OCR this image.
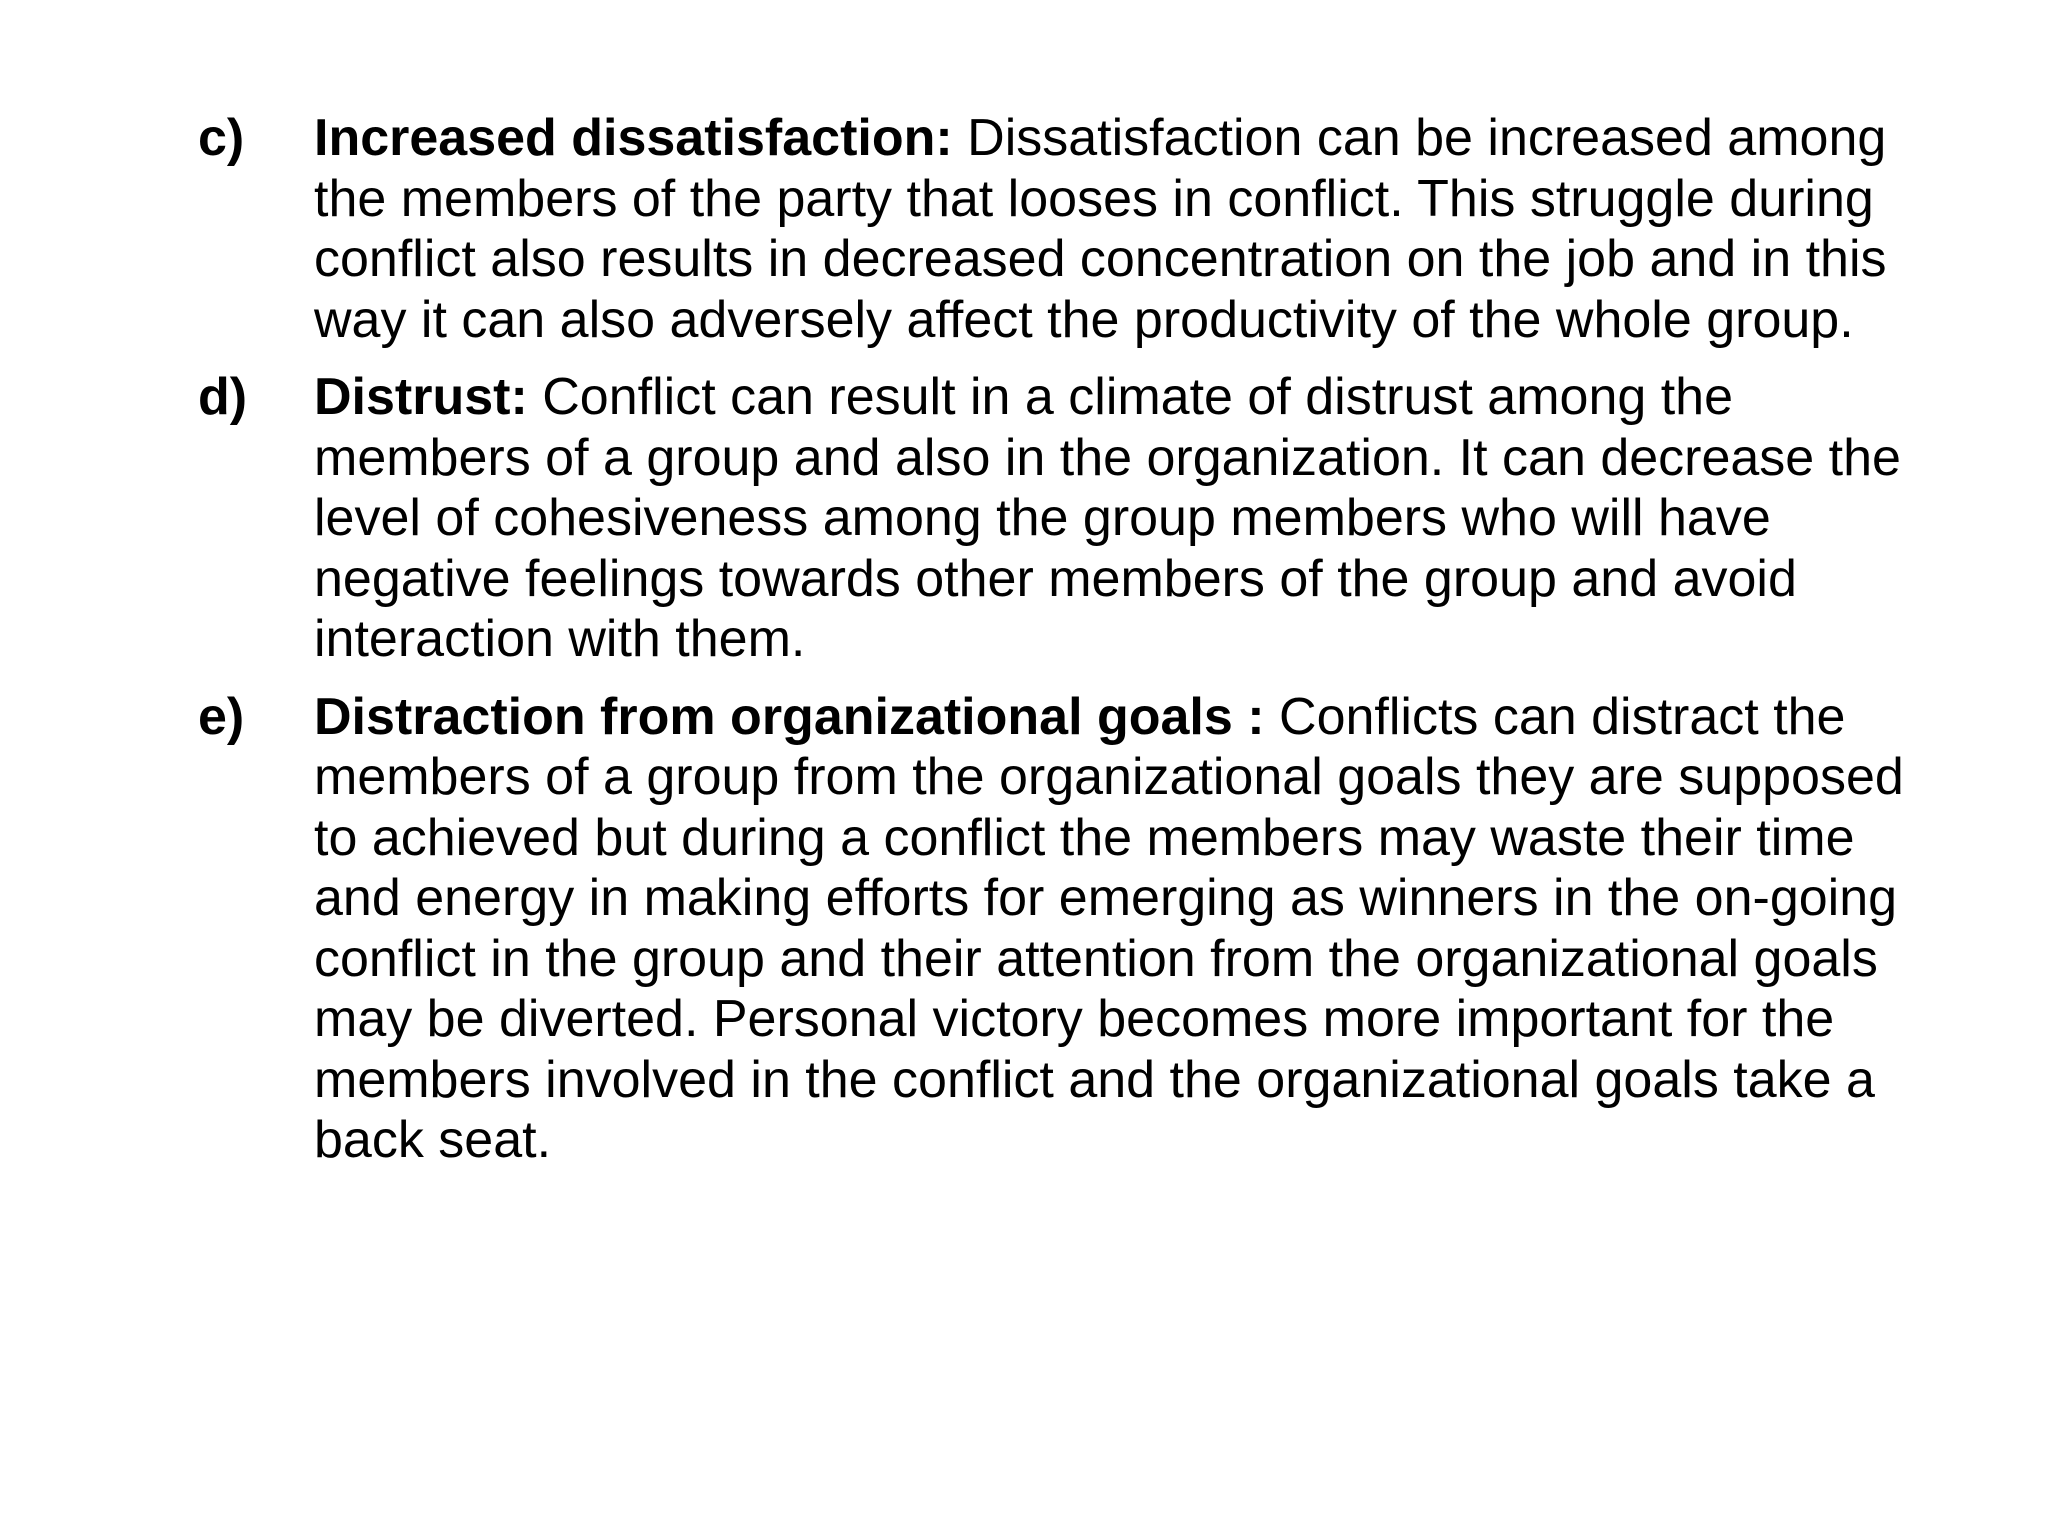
c)	Increased dissatisfaction: Dissatisfaction can be increased among the members of the party that looses in conflict. This struggle during conflict also results in decreased concentration on the job and in this way it can also adversely affect the productivity of the whole group.
d)	Distrust: Conflict can result in a climate of distrust among the members of a group and also in the organization. It can decrease the level of cohesiveness among the group members who will have negative feelings towards other members of the group and avoid interaction with them.
e)	Distraction from organizational goals : Conflicts can distract the members of a group from the organizational goals they are supposed to achieved but during a conflict the members may waste their time and energy in making efforts for emerging as winners in the on-going conflict in the group and their attention from the organizational goals may be diverted. Personal victory becomes more important for the members involved in the conflict and the organizational goals take a back seat.
